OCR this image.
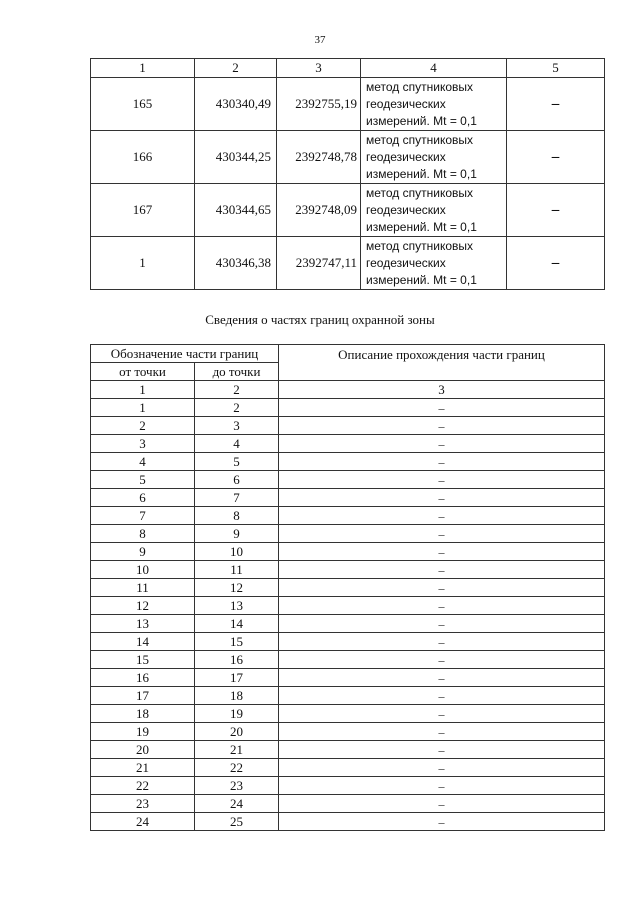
37
1	2	3	4	5
165	430340,49	2392755,19	метод спутниковых
геодезических
измерений. Mt = 0,1	–
166	430344,25	2392748,78	метод спутниковых
геодезических
измерений. Mt = 0,1	–
167	430344,65	2392748,09	метод спутниковых
геодезических
измерений. Mt = 0,1	–
1	430346,38	2392747,11	метод спутниковых
геодезических
измерений. Mt = 0,1	–
Сведения о частях границ охранной зоны
Обозначение части границ		Описание прохождения части границ
от точки	до точки	
1	2	3
1	2	–
2	3	–
3	4	–
4	5	–
5	6	–
6	7	–
7	8	–
8	9	–
9	10	–
10	11	–
11	12	–
12	13	–
13	14	–
14	15	–
15	16	–
16	17	–
17	18	–
18	19	–
19	20	–
20	21	–
21	22	–
22	23	–
23	24	–
24	25	–
